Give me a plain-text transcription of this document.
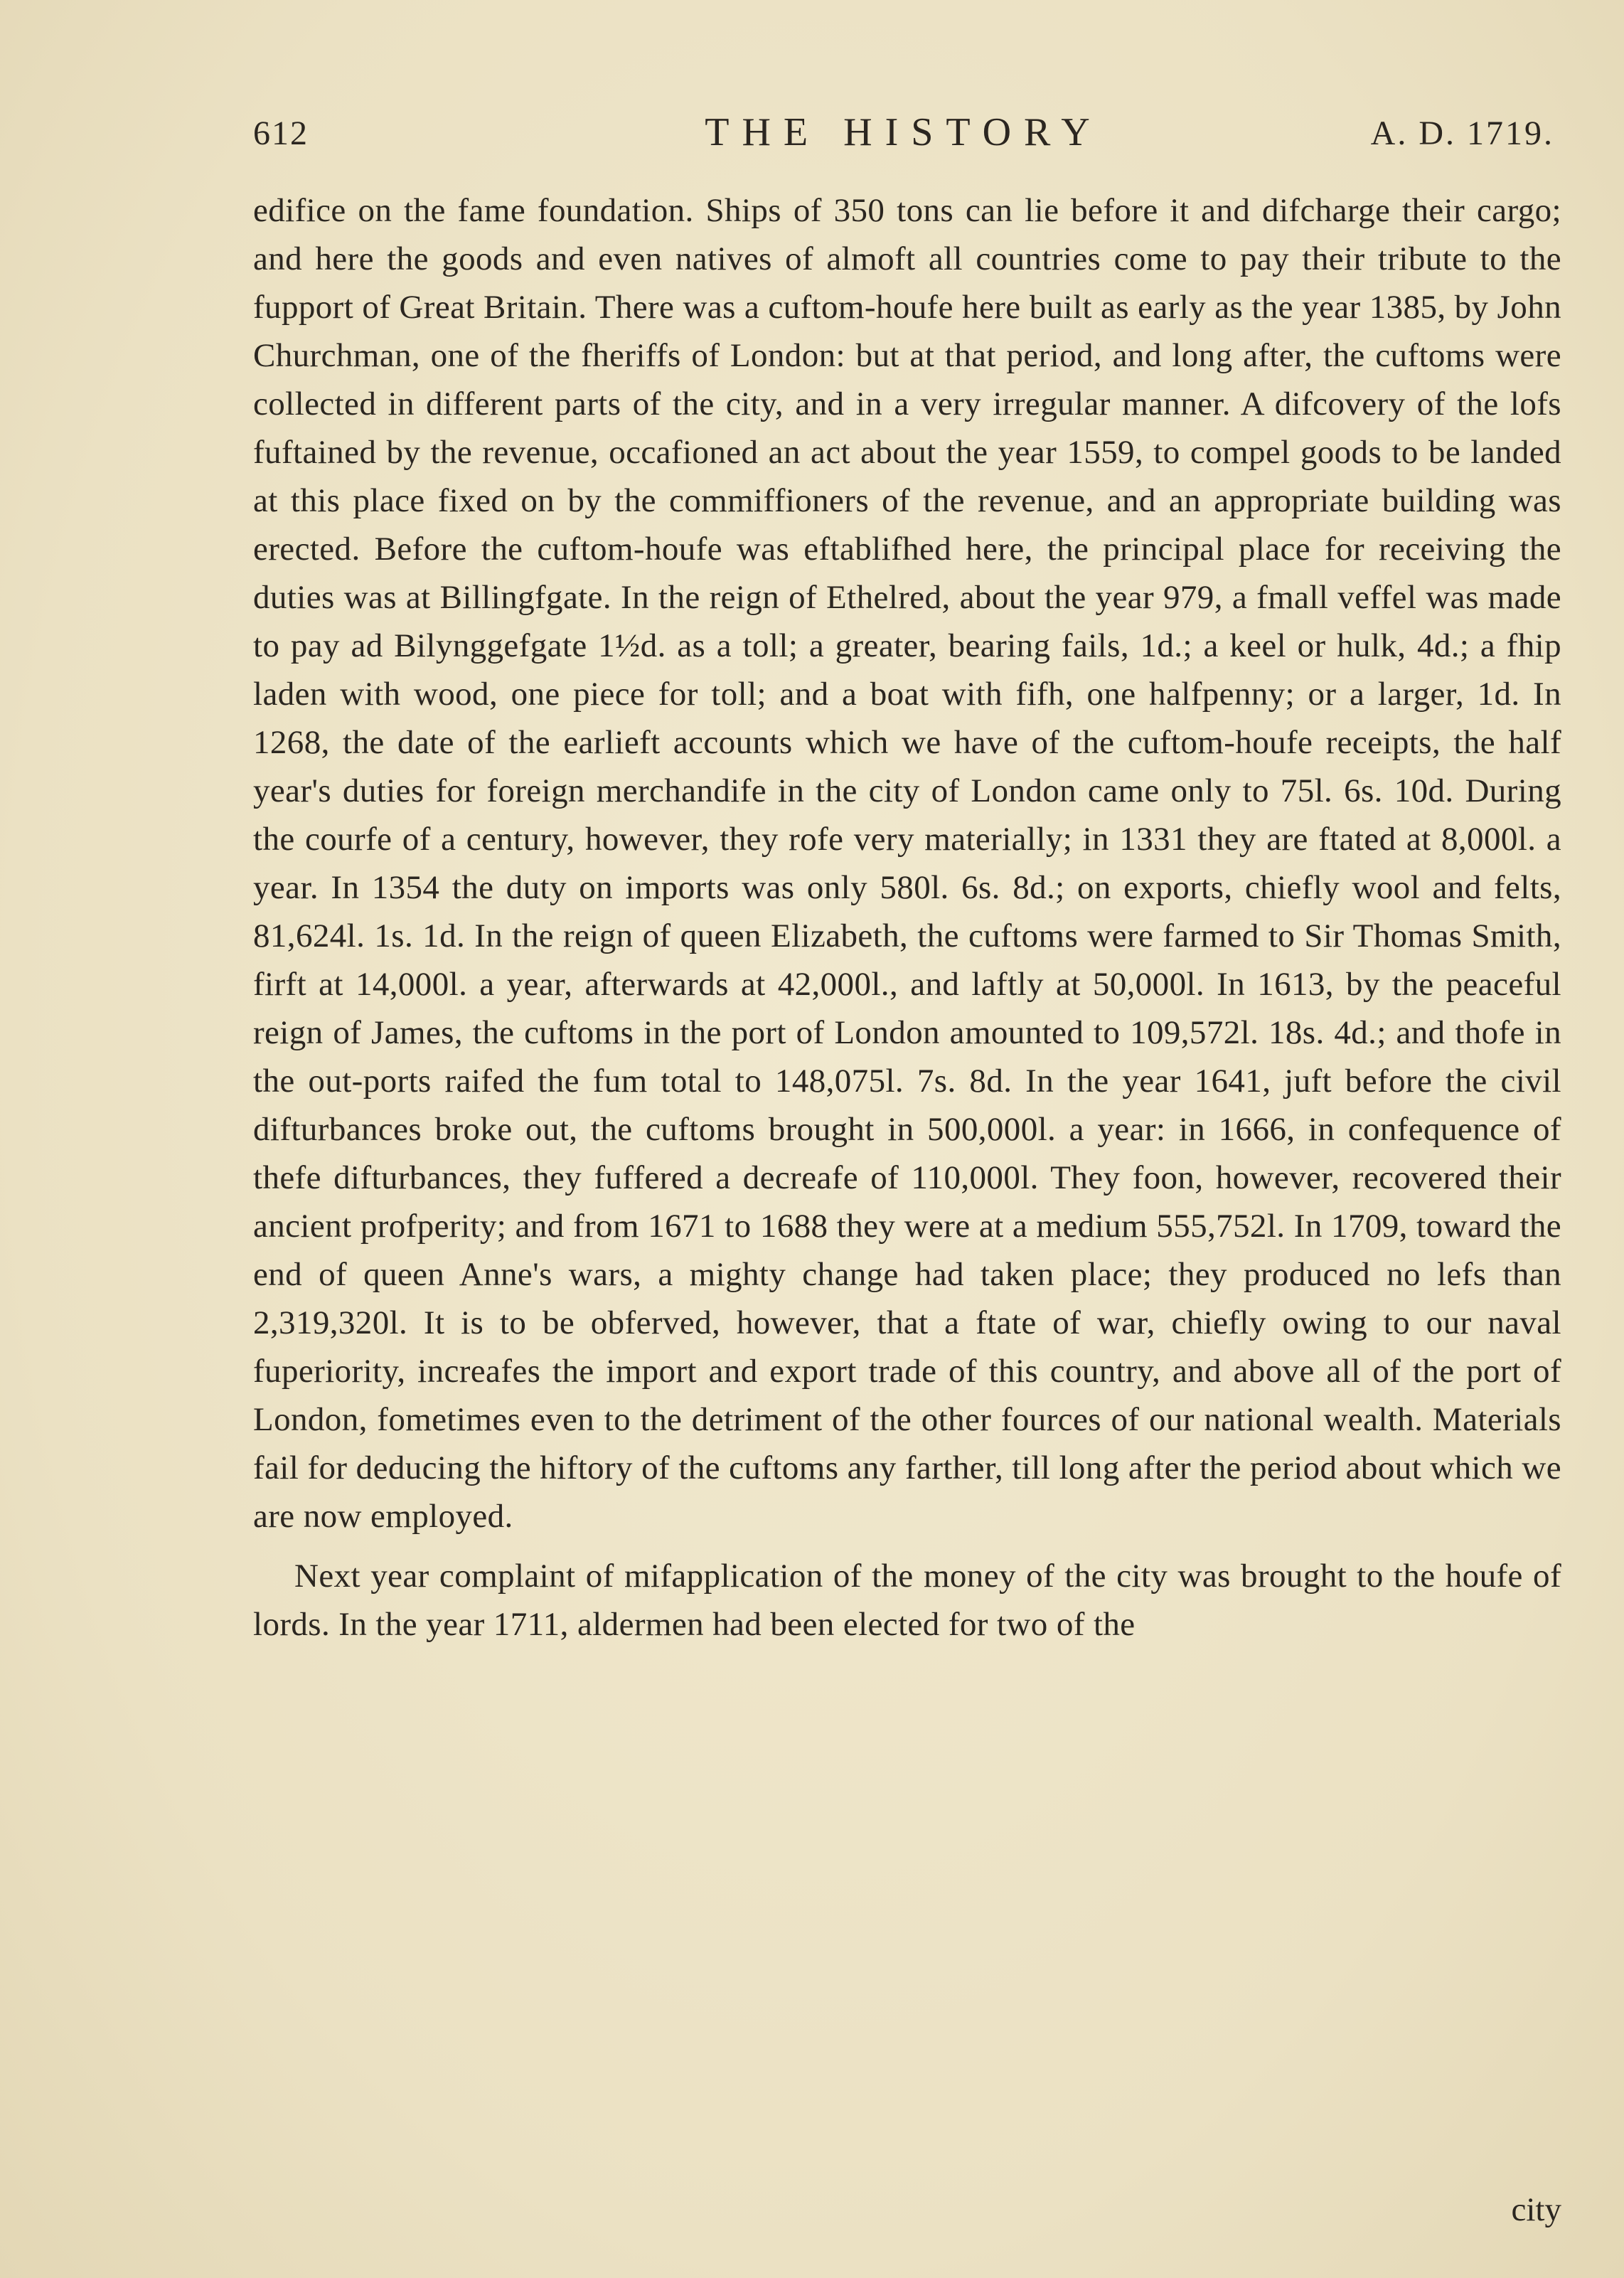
612	THE HISTORY	A. D. 1719.

edifice on the fame foundation. Ships of 350 tons can lie before it and difcharge their cargo; and here the goods and even natives of almoft all countries come to pay their tribute to the fupport of Great Britain. There was a cuftom-houfe here built as early as the year 1385, by John Churchman, one of the fheriffs of London: but at that period, and long after, the cuftoms were collected in different parts of the city, and in a very irregular manner. A difcovery of the lofs fuftained by the revenue, occafioned an act about the year 1559, to compel goods to be landed at this place fixed on by the commiffioners of the revenue, and an appropriate building was erected. Before the cuftom-houfe was eftablifhed here, the principal place for receiving the duties was at Billingfgate. In the reign of Ethelred, about the year 979, a fmall veffel was made to pay ad Bilynggefgate 1½d. as a toll; a greater, bearing fails, 1d.; a keel or hulk, 4d.; a fhip laden with wood, one piece for toll; and a boat with fifh, one halfpenny; or a larger, 1d. In 1268, the date of the earlieft accounts which we have of the cuftom-houfe receipts, the half year's duties for foreign merchandife in the city of London came only to 75l. 6s. 10d. During the courfe of a century, however, they rofe very materially; in 1331 they are ftated at 8,000l. a year. In 1354 the duty on imports was only 580l. 6s. 8d.; on exports, chiefly wool and felts, 81,624l. 1s. 1d. In the reign of queen Elizabeth, the cuftoms were farmed to Sir Thomas Smith, firft at 14,000l. a year, afterwards at 42,000l., and laftly at 50,000l. In 1613, by the peaceful reign of James, the cuftoms in the port of London amounted to 109,572l. 18s. 4d.; and thofe in the out-ports raifed the fum total to 148,075l. 7s. 8d. In the year 1641, juft before the civil difturbances broke out, the cuftoms brought in 500,000l. a year: in 1666, in confequence of thefe difturbances, they fuffered a decreafe of 110,000l. They foon, however, recovered their ancient profperity; and from 1671 to 1688 they were at a medium 555,752l. In 1709, toward the end of queen Anne's wars, a mighty change had taken place; they produced no lefs than 2,319,320l. It is to be obferved, however, that a ftate of war, chiefly owing to our naval fuperiority, increafes the import and export trade of this country, and above all of the port of London, fometimes even to the detriment of the other fources of our national wealth. Materials fail for deducing the hiftory of the cuftoms any farther, till long after the period about which we are now employed.

Next year complaint of mifapplication of the money of the city was brought to the houfe of lords. In the year 1711, aldermen had been elected for two of the

city
